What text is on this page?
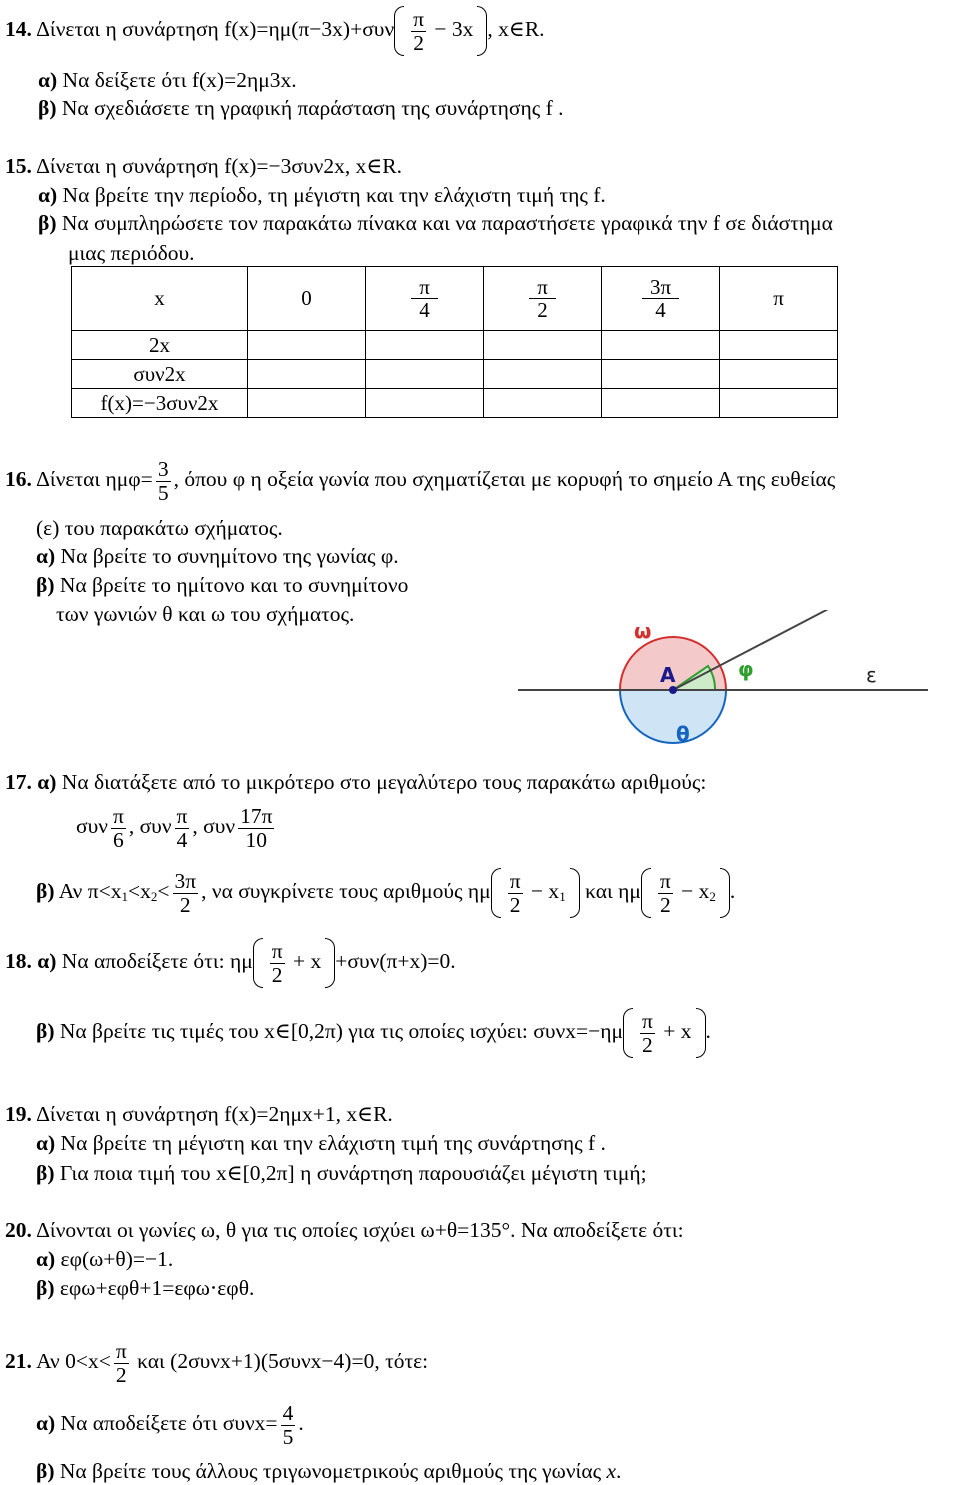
14. Δίνεται η συνάρτηση $f(x)=\eta\mu(\pi-3x)+\sigma\upsilon\nu \frac{\pi}{2} - 3x$ , x∈R.
α) Να δείξετε ότι f(x)=2ημ3x.
β) Να σχεδιάσετε τη γραφική παράσταση της συνάρτησης f .
15. Δίνεται η συνάρτηση f(x)=−3συν2x, x∈R.
α) Να βρείτε την περίοδο, τη μέγιστη και την ελάχιστη τιμή της f.
β) Να συμπληρώσετε τον παρακάτω πίνακα και να παραστήσετε γραφικά την f σε διάστημα
μιας περιόδου.
x	0	$\frac{\pi}{4}$	$\frac{\pi}{2}$	$\frac{3\pi}{4}$	π
2x					
συν2x					
f(x)=−3συν2x					
16. Δίνεται $\eta\mu\varphi= \frac{3}{5}$ , όπου φ η οξεία γωνία που σχηματίζεται με κορυφή το σημείο Α της ευθείας
(ε) του παρακάτω σχήματος.
α) Να βρείτε το συνημίτονο της γωνίας φ.
β) Να βρείτε το ημίτονο και το συνημίτονο
των γωνιών θ και ω του σχήματος.
ω
A	φ	ε
θ
17. α) Να διατάξετε από το μικρότερο στο μεγαλύτερο τους παρακάτω αριθμούς:
συν $\frac{\pi}{6}$ , συν $\frac{\pi}{4}$ , συν $\frac{17\pi}{10}$
β) Αν $\pi<x_1<x_2< \frac{3\pi}{2}$ , να συγκρίνετε τους αριθμούς ημ $\frac{\pi}{2} - x_1$ και ημ $\frac{\pi}{2} - x_2$ .
18. α) Να αποδείξετε ότι: ημ $\frac{\pi}{2} + x +\sigma\upsilon\nu(\pi+x)=0$.
β) Να βρείτε τις τιμές του x∈[0,2π) για τις οποίες ισχύει: $\sigma\upsilon\nu x=-\eta\mu \frac{\pi}{2} + x$ .
19. Δίνεται η συνάρτηση f(x)=2ημx+1, x∈R.
α) Να βρείτε τη μέγιστη και την ελάχιστη τιμή της συνάρτησης f .
β) Για ποια τιμή του x∈[0,2π] η συνάρτηση παρουσιάζει μέγιστη τιμή;
20. Δίνονται οι γωνίες ω, θ για τις οποίες ισχύει ω+θ=135°. Να αποδείξετε ότι:
α) εφ(ω+θ)=−1.
β) εφω+εφθ+1=εφω⋅εφθ.
21. Αν $0<x< \frac{\pi}{2}$ και (2συνx+1)(5συνx−4)=0, τότε:
α) Να αποδείξετε ότι $\sigma\upsilon\nu x= \frac{4}{5}$ .
β) Να βρείτε τους άλλους τριγωνομετρικούς αριθμούς της γωνίας x.
